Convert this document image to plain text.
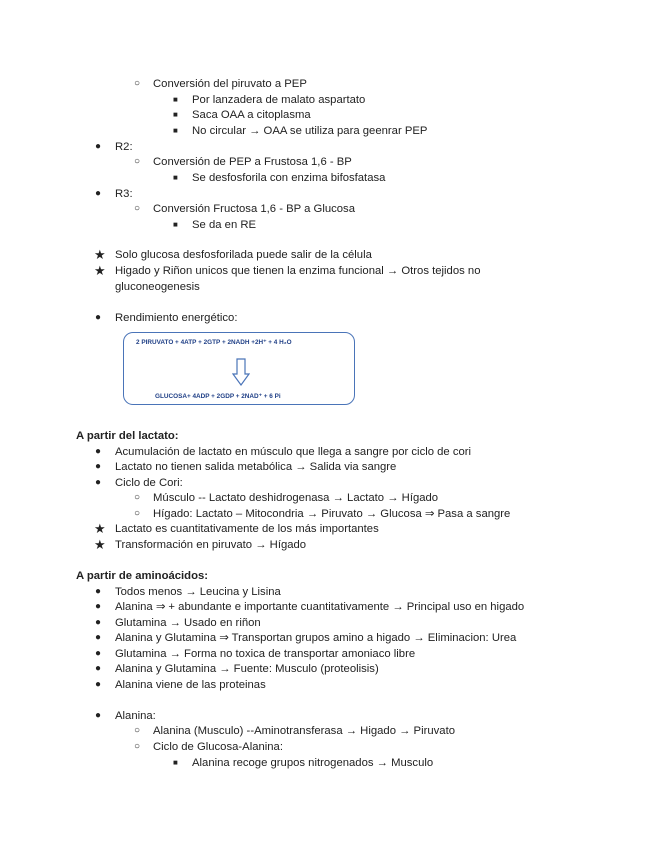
○ Conversión del piruvato a PEP
■ Por lanzadera de malato aspartato
■ Saca OAA a citoplasma
■ No circular → OAA se utiliza para geenrar PEP
● R2:
○ Conversión de PEP a Frustosa 1,6 - BP
■ Se desfosforila con enzima bifosfatasa
● R3:
○ Conversión Fructosa 1,6 - BP a Glucosa
■ Se da en RE
★ Solo glucosa desfosforilada puede salir de la célula
★ Higado y Riñon unicos que tienen la enzima funcional → Otros tejidos no
gluconeogenesis
● Rendimiento energético:
2 PIRUVATO + 4ATP + 2GTP + 2NADH +2H⁺ + 4 H₂O
GLUCOSA+ 4ADP + 2GDP + 2NAD⁺ + 6 Pi
A partir del lactato:
● Acumulación de lactato en músculo que llega a sangre por ciclo de cori
● Lactato no tienen salida metabólica → Salida via sangre
● Ciclo de Cori:
○ Músculo -- Lactato deshidrogenasa → Lactato → Hígado
○ Hígado: Lactato – Mitocondria → Piruvato → Glucosa ⇒ Pasa a sangre
★ Lactato es cuantitativamente de los más importantes
★ Transformación en piruvato → Hígado
A partir de aminoácidos:
● Todos menos → Leucina y Lisina
● Alanina ⇒ + abundante e importante cuantitativamente → Principal uso en higado
● Glutamina → Usado en riñon
● Alanina y Glutamina ⇒ Transportan grupos amino a higado → Eliminacion: Urea
● Glutamina → Forma no toxica de transportar amoniaco libre
● Alanina y Glutamina → Fuente: Musculo (proteolisis)
● Alanina viene de las proteinas
● Alanina:
○ Alanina (Musculo) --Aminotransferasa → Higado → Piruvato
○ Ciclo de Glucosa-Alanina:
■ Alanina recoge grupos nitrogenados → Musculo
